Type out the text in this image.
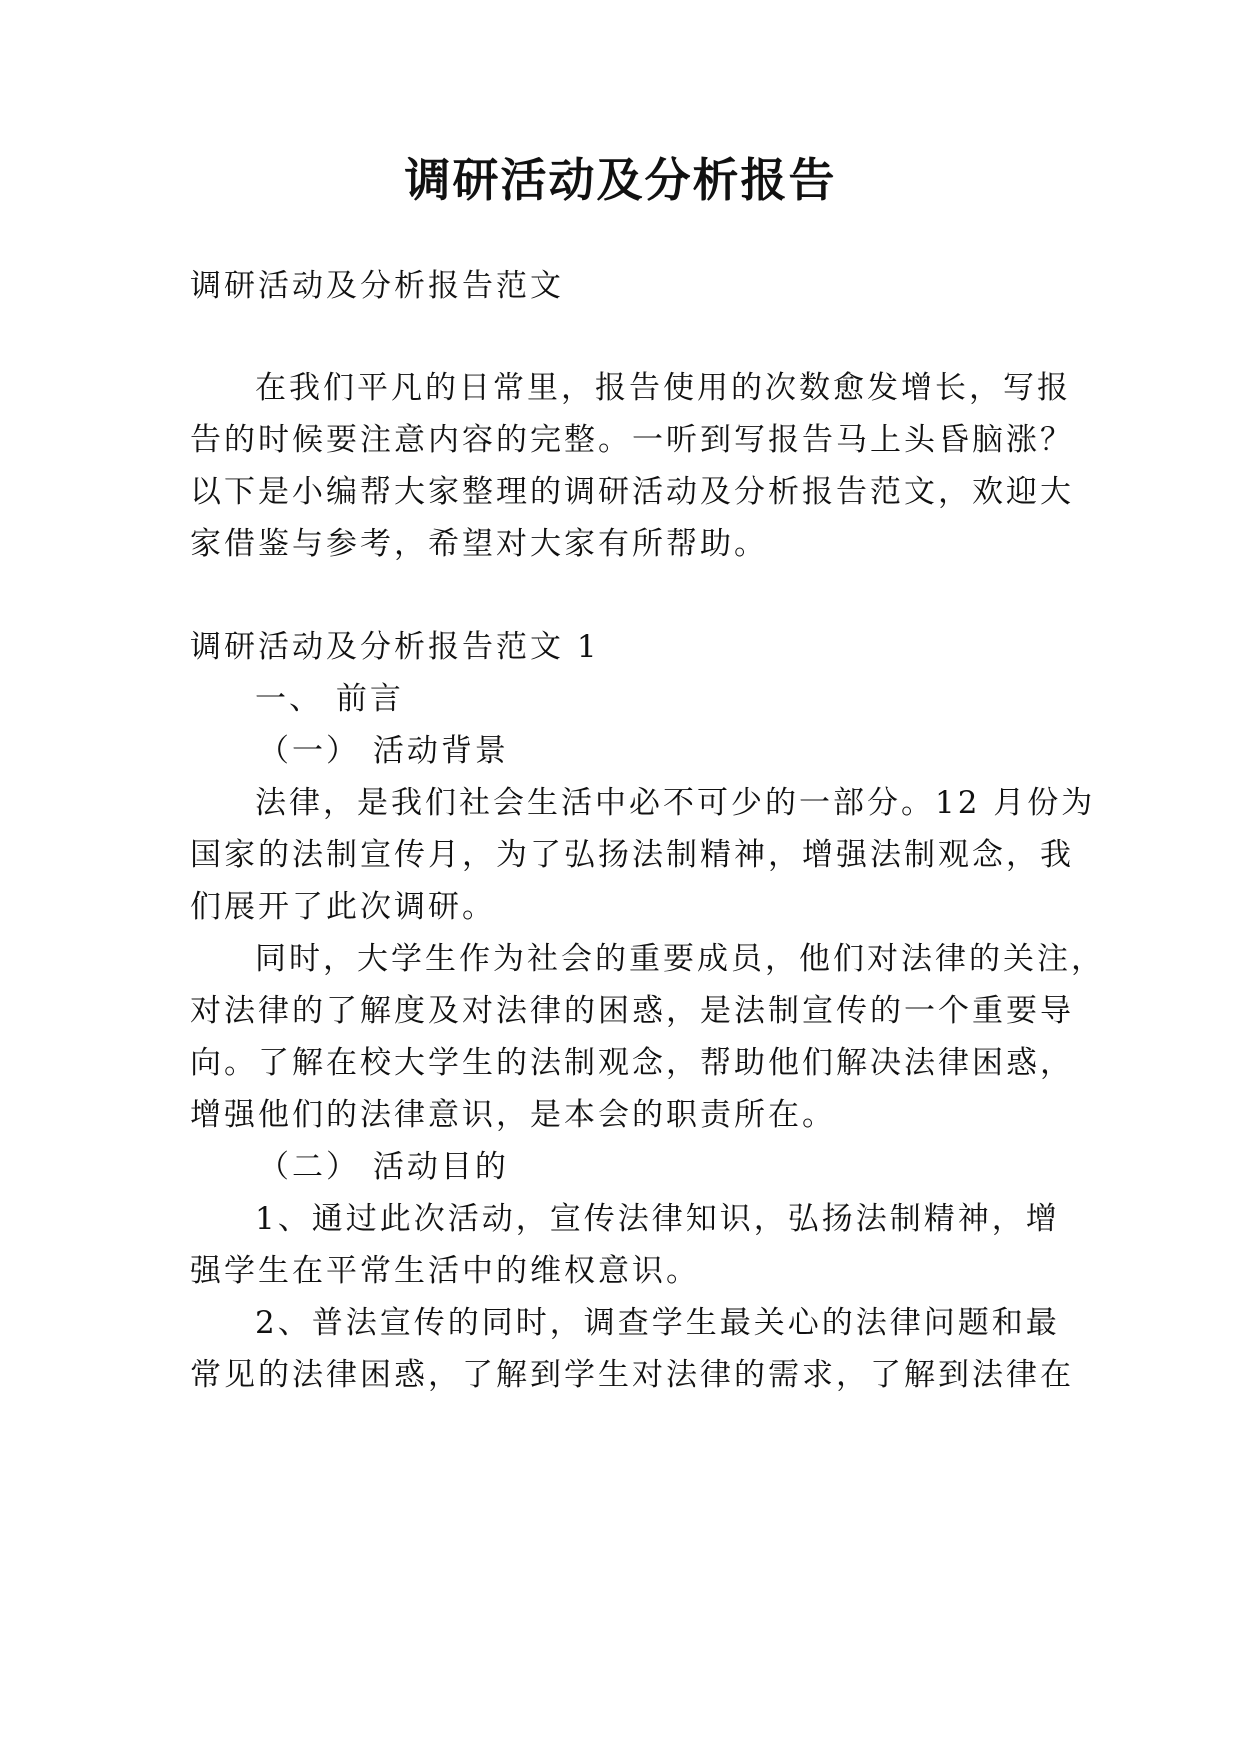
调研活动及分析报告
调研活动及分析报告范文
在我们平凡的日常里，报告使用的次数愈发增长，写报
告的时候要注意内容的完整。一听到写报告马上头昏脑涨？
以下是小编帮大家整理的调研活动及分析报告范文，欢迎大
家借鉴与参考，希望对大家有所帮助。
调研活动及分析报告范文 1
一、 前言
（一） 活动背景
法律，是我们社会生活中必不可少的一部分。12 月份为
国家的法制宣传月，为了弘扬法制精神，增强法制观念，我
们展开了此次调研。
同时，大学生作为社会的重要成员，他们对法律的关注，
对法律的了解度及对法律的困惑，是法制宣传的一个重要导
向。了解在校大学生的法制观念，帮助他们解决法律困惑，
增强他们的法律意识，是本会的职责所在。
（二） 活动目的
1、通过此次活动，宣传法律知识，弘扬法制精神，增
强学生在平常生活中的维权意识。
2、普法宣传的同时，调查学生最关心的法律问题和最
常见的法律困惑，了解到学生对法律的需求，了解到法律在
